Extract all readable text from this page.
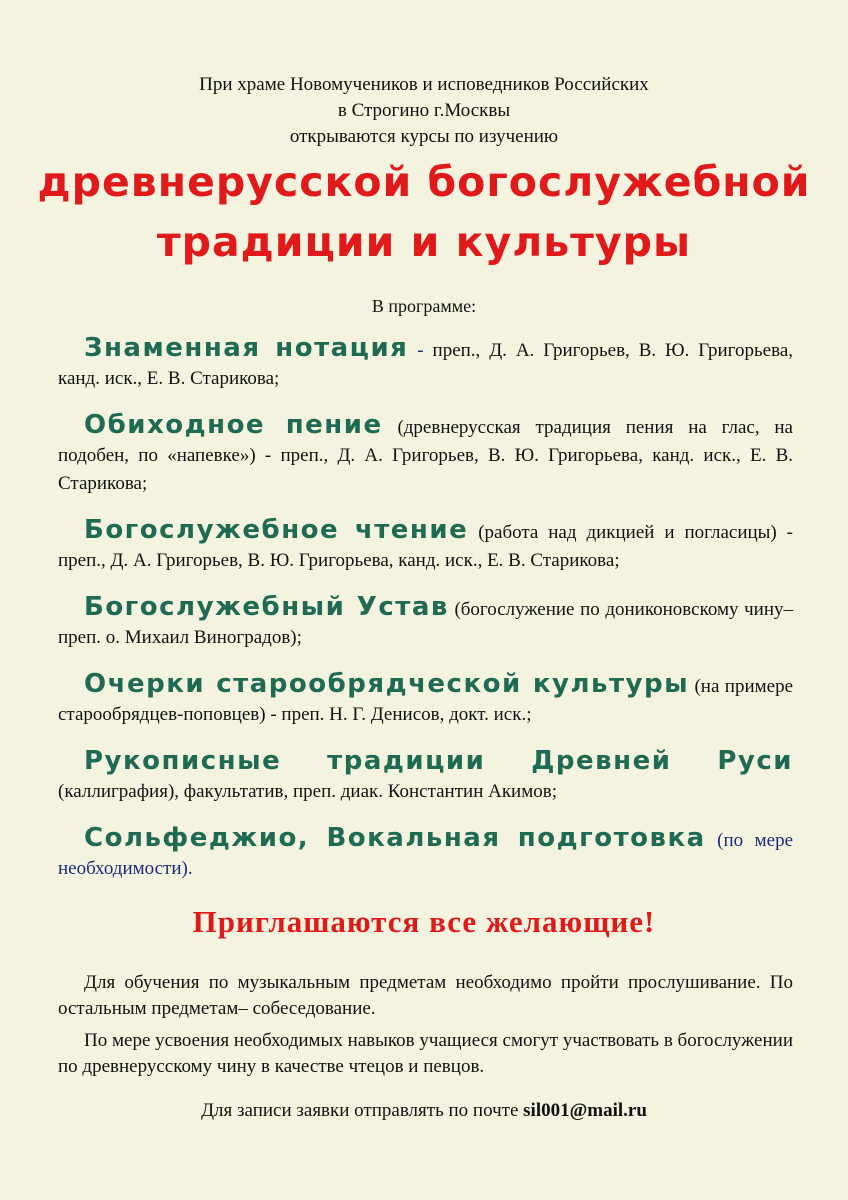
При храме Новомучеников и исповедников Российских
в Строгино г.Москвы
открываются курсы по изучению
древнерусской богослужебной
традиции и культуры
В программе:
Знаменная нотация - преп., Д. А. Григорьев, В. Ю. Григорьева, канд. иск., Е. В. Старикова;
Обиходное пение (древнерусская традиция пения на глас, на подобен, по «напевке») - преп., Д. А. Григорьев, В. Ю. Григорьева, канд. иск., Е. В. Старикова;
Богослужебное чтение (работа над дикцией и погласицы) - преп., Д. А. Григорьев, В. Ю. Григорьева, канд. иск., Е. В. Старикова;
Богослужебный Устав (богослужение по дониконовскому чину– преп. о. Михаил Виноградов);
Очерки старообрядческой культуры (на примере старообрядцев-поповцев) - преп. Н. Г. Денисов, докт. иск.;
Рукописные традиции Древней Руси (каллиграфия), факультатив, преп. диак. Константин Акимов;
Сольфеджио, Вокальная подготовка (по мере необходимости).
Приглашаются все желающие!

Для обучения по музыкальным предметам необходимо пройти прослушивание. По остальным предметам– собеседование.

По мере усвоения необходимых навыков учащиеся смогут участвовать в богослужении по древнерусскому чину в качестве чтецов и певцов.

Для записи заявки отправлять по почте sil001@mail.ru
